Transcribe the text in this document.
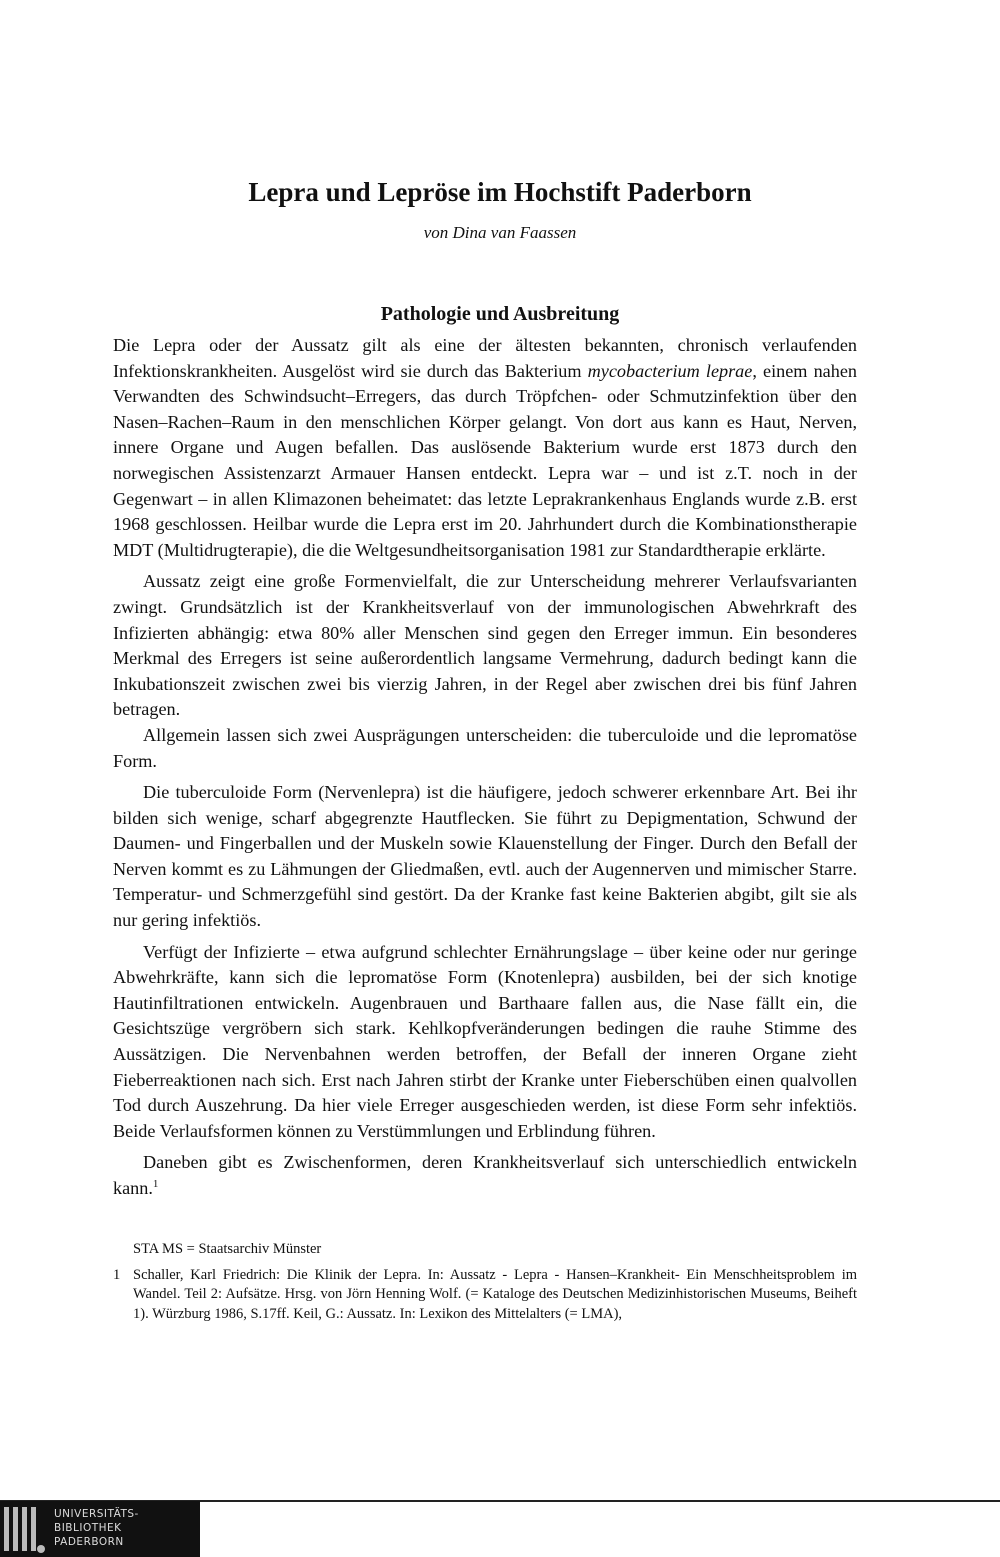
Lepra und Lepröse im Hochstift Paderborn
von Dina van Faassen
Pathologie und Ausbreitung

Die Lepra oder der Aussatz gilt als eine der ältesten bekannten, chronisch verlaufenden Infektionskrankheiten. Ausgelöst wird sie durch das Bakterium mycobacterium leprae, einem nahen Verwandten des Schwindsucht–Erregers, das durch Tröpfchen- oder Schmutzinfektion über den Nasen–Rachen–Raum in den menschlichen Körper gelangt. Von dort aus kann es Haut, Nerven, innere Organe und Augen befallen. Das auslösende Bakterium wurde erst 1873 durch den norwegischen Assistenzarzt Armauer Hansen entdeckt. Lepra war – und ist z.T. noch in der Gegenwart – in allen Klimazonen beheimatet: das letzte Leprakrankenhaus Englands wurde z.B. erst 1968 geschlossen. Heilbar wurde die Lepra erst im 20. Jahrhundert durch die Kombinationstherapie MDT (Multidrugterapie), die die Weltgesundheitsorganisation 1981 zur Standardtherapie erklärte.

Aussatz zeigt eine große Formenvielfalt, die zur Unterscheidung mehrerer Verlaufsvarianten zwingt. Grundsätzlich ist der Krankheitsverlauf von der immunologischen Abwehrkraft des Infizierten abhängig: etwa 80% aller Menschen sind gegen den Erreger immun. Ein besonderes Merkmal des Erregers ist seine außerordentlich langsame Vermehrung, dadurch bedingt kann die Inkubationszeit zwischen zwei bis vierzig Jahren, in der Regel aber zwischen drei bis fünf Jahren betragen.

Allgemein lassen sich zwei Ausprägungen unterscheiden: die tuberculoide und die lepromatöse Form.

Die tuberculoide Form (Nervenlepra) ist die häufigere, jedoch schwerer erkennbare Art. Bei ihr bilden sich wenige, scharf abgegrenzte Hautflecken. Sie führt zu Depigmentation, Schwund der Daumen- und Fingerballen und der Muskeln sowie Klauenstellung der Finger. Durch den Befall der Nerven kommt es zu Lähmungen der Gliedmaßen, evtl. auch der Augennerven und mimischer Starre. Temperatur- und Schmerzgefühl sind gestört. Da der Kranke fast keine Bakterien abgibt, gilt sie als nur gering infektiös.

Verfügt der Infizierte – etwa aufgrund schlechter Ernährungslage – über keine oder nur geringe Abwehrkräfte, kann sich die lepromatöse Form (Knotenlepra) ausbilden, bei der sich knotige Hautinfiltrationen entwickeln. Augenbrauen und Barthaare fallen aus, die Nase fällt ein, die Gesichtszüge vergröbern sich stark. Kehlkopfveränderungen bedingen die rauhe Stimme des Aussätzigen. Die Nervenbahnen werden betroffen, der Befall der inneren Organe zieht Fieberreaktionen nach sich. Erst nach Jahren stirbt der Kranke unter Fieberschüben einen qualvollen Tod durch Auszehrung. Da hier viele Erreger ausgeschieden werden, ist diese Form sehr infektiös. Beide Verlaufsformen können zu Verstümmlungen und Erblindung führen.

Daneben gibt es Zwischenformen, deren Krankheitsverlauf sich unterschiedlich entwickeln kann.$^1$

STA MS = Staatsarchiv Münster

1 Schaller, Karl Friedrich: Die Klinik der Lepra. In: Aussatz - Lepra - Hansen–Krankheit- Ein Menschheitsproblem im Wandel. Teil 2: Aufsätze. Hrsg. von Jörn Henning Wolf. (= Kataloge des Deutschen Medizinhistorischen Museums, Beiheft 1). Würzburg 1986, S.17ff. Keil, G.: Aussatz. In: Lexikon des Mittelalters (= LMA),
UNIVERSITÄTS-
BIBLIOTHEK
PADERBORN
